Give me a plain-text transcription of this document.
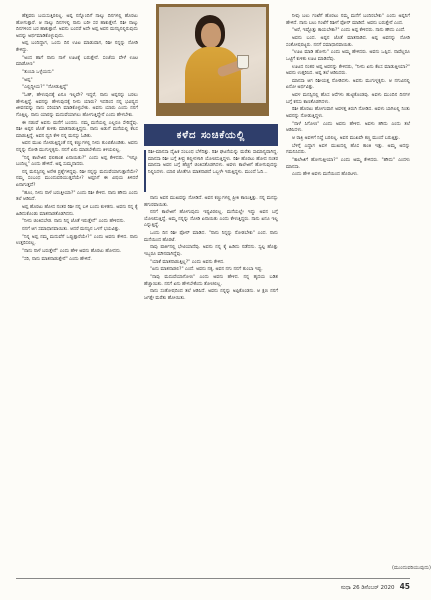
ಹೆತ್ತವರು ಬಯಸುತ್ತಿರಲಿಲ್ಲ. ಅಪ್ಪ ನನ್ನೊಂದಿಗೆ ನಾಲ್ಕು ದಿನಗಳಲ್ಲಿ ಹೊರಟು ಹೋಗುತ್ತಾರೆ. ಆ ನಾಲ್ಕು ದಿನಗಳಲ್ಲಿ ನಾನು ಬರೀ ಸರ ಹಾಕುತ್ತೇನೆ. ರಿಶೀ ನಾಲ್ಕು ದಿನಗಳಿಂದ ಬರ ಹಾಕುತ್ತಾನೆ. ಅವನು ಬಂದರೆ ಅದೇ ಅಪ್ಪ ಅವನ ಮನಸ್ಸಿನಲ್ಲಿರುವುದು ಅದನ್ನು ಅರ್ಥಮಾಡಿಕೊಳ್ಳುವುದು.

ಅಪ್ಪ ಬಂದಿದ್ದಾಗ, ಒಂದು ದಿನ ಊಟ ಮಾಡುವಾಗ, ರಿಶೀ ನನ್ನನ್ನು ನೋಡಿ ಕೇಳಿದ್ದು.

"ಅಂದ ಹಾಗೆ ನಾನು ನಾಳೆ ಊಟಕ್ಕೆ ಬರುತ್ತೇನೆ. ಸಂಜೆಯ ವೇಳೆ ಊಟ ಮಾಡೋಣ"

"ತುಂಬಾ ಒಳ್ಳೆಯದು"

"ಅಪ್ಪ"

"ಎಲ್ಲಿದ್ದೀಯ?" "ನೋಡುತ್ತಿದ್ದೆ"

"ಓಹ್, ಹೇಳುವುದಕ್ಕೆ ಏನೂ ಇಲ್ಲವೇ? ಇದ್ದರೆ, ನಾನು ಅಪ್ಪನನ್ನು ಬರಲು ಹೇಳುತ್ತಿದ್ದೆ. ಅವನನ್ನು ಹೇಳುವುದಕ್ಕೆ ನೀನು ಯಾರು? ಇದರಿಂದ ನನ್ನ ಭವಿಷ್ಯದ ಜೀವನವನ್ನು ನಾನು ಸರಿಯಾಗಿ ಮಾಡಿಕೊಳ್ಳಬೇಕು. ಅವನು ಯಾರು ಎಂದು ನನಗೆ ಗೊತ್ತಿಲ್ಲ. ನಾನು ಯಾರನ್ನು ಮದುವೆಯಾಗಲು ಹೋಗುತ್ತಿದ್ದೇನೆ ಎಂದು ಹೇಳಬೇಕು.

ಈ ನಡುವೆ ಅವನು ಮನೆಗೆ ಬಂದನು. ನಮ್ಮ ಮನೆಯಲ್ಲಿ ಎಲ್ಲರೂ ಸೇರಿದ್ದೆವು. ರಿಶೀ ಅಪ್ಪನ ಜೊತೆ ಕುಳಿತು ಮಾತನಾಡುತ್ತಿದ್ದನು. ನಾನು ಅಡುಗೆ ಮನೆಯಲ್ಲಿ ಕೆಲಸ ಮಾಡುತ್ತಿದ್ದೆ. ಅವನ ಧ್ವನಿ ಕೇಳಿ ನನ್ನ ಮನಸ್ಸು ಓಡಿತು.

ಅವನ ಮುಖ ನೋಡುತ್ತಿದ್ದಂತೆ ನನ್ನ ಕಣ್ಣುಗಳಲ್ಲಿ ನೀರು ತುಂಬಿಕೊಂಡಿತು. ಅವನು ನನ್ನನ್ನು ನೋಡಿ ಮುಗುಳ್ನಕ್ಕನು. ನನಗೆ ಏನು ಮಾಡಬೇಕೆಂದು ತಿಳಿಯಲಿಲ್ಲ.

"ನಿನ್ನ ಕಾಲೇಜಿನ ಫಲಿತಾಂಶ ಏನಾಯಿತು?" ಎಂದು ಅಪ್ಪ ಕೇಳಿದರು. "ಇನ್ನೂ ಬಂದಿಲ್ಲ" ಎಂದು ಹೇಳಿದೆ. ಅಪ್ಪ ಸುಮ್ಮನಾದರು.

ನನ್ನ ಮನಸ್ಸಿನಲ್ಲಿ ಅನೇಕ ಪ್ರಶ್ನೆಗಳಿದ್ದವು. ರಿಶೀ ನನ್ನನ್ನು ಮದುವೆಯಾಗುತ್ತಾನೆಯೇ? ನಮ್ಮ ಸಂಬಂಧ ಮುಂದುವರಿಯುತ್ತದೆಯೇ? ಅಪ್ಪನಿಗೆ ಈ ವಿಷಯ ತಿಳಿದರೆ ಏನಾಗುತ್ತದೆ?

"ಹೂಂ, ನೀನು ನಾಳೆ ಬರುತ್ತೀಯಾ?" ಎಂದು ರಿಶೀ ಕೇಳಿದ. ನಾನು ಹೌದು ಎಂದು ತಲೆ ಆಡಿಸಿದೆ.

ಅಪ್ಪ ಹೊರಟು ಹೋದ ನಂತರ ರಿಶೀ ನನ್ನ ಬಳಿ ಬಂದು ಕುಳಿತನು. ಅವನು ನನ್ನ ಕೈ ಹಿಡಿದುಕೊಂಡು ಮಾತನಾಡತೊಡಗಿದನು.

"ನೀನು ಚಿಂತಿಸಬೇಡ. ನಾನು ನಿನ್ನ ಜೊತೆ ಇರುತ್ತೇನೆ" ಎಂದು ಹೇಳಿದನು.

ನನಗೆ ಆಗ ಸಮಾಧಾನವಾಯಿತು. ಆದರೆ ಮನಸ್ಸಿನ ಒಳಗೆ ಭಯವಿತ್ತು.

"ನಿನ್ನ ಅಪ್ಪ ನಮ್ಮ ಮದುವೆಗೆ ಒಪ್ಪುತ್ತಾರೆಯೇ?" ಎಂದು ಅವನು ಕೇಳಿದ. ನಾನು ಉತ್ತರಿಸಲಿಲ್ಲ.

"ನಾನು ನಾಳೆ ಬರುತ್ತೇನೆ" ಎಂದು ಹೇಳಿ ಅವನು ಹೊರಟು ಹೋದನು.

"ಸರಿ, ನಾನು ಮಾತನಾಡುತ್ತೇನೆ" ಎಂದು ಹೇಳಿದೆ.

ಕಳೆದ ಸಂಚಿಕೆಯಲ್ಲಿ

ರಿಶೀ-ಮಾನಸಾ ದೈಹಿಕ ಸಂಬಂಧ ಬೆಳೆದಿತ್ತು. ರಿಶೀ ಘಟನೆಯನ್ನು ಮರೆತು ಸಾಮಾನ್ಯವಾಗಿದ್ದ. ಮಾನಸಾ ರಿಶೀ ಬಗ್ಗೆ ತೀವ್ರ ತಲ್ಲೀನಳಾಗಿ ಯೋಚಿಸುತ್ತಿದ್ದಳು. ರಿಶೀ ಹೊರಟು ಹೋದ ನಂತರ ಮಾನಸಾ ಅವನ ಬಗ್ಗೆ ಹೆಚ್ಚಿಗೆ ಚಿಂತಿಸತೊಡಗಿದಳು. ಅವಳು ಕಾಲೇಜಿಗೆ ಹೋಗುವುದನ್ನು ನಿಲ್ಲಿಸಿದಳು. ಯಾರ ಜೊತೆಗೂ ಮಾತನಾಡದೆ ಒಬ್ಬಳೇ ಇರುತ್ತಿದ್ದಳು. ಮುಂದೆ ಓದಿ...

ನಾನು ಅವನ ಮುಖವನ್ನು ನೋಡಿದೆ. ಅವನ ಕಣ್ಣುಗಳಲ್ಲಿ ಪ್ರೀತಿ ಕಾಣುತ್ತಿತ್ತು. ನನ್ನ ಮನಸ್ಸು ಹಗುರವಾಯಿತು.

ನನಗೆ ಕಾಲೇಜಿಗೆ ಹೋಗುವುದು ಇಷ್ಟವಿರಲಿಲ್ಲ. ಮನೆಯಲ್ಲೇ ಇದ್ದು ಅವನ ಬಗ್ಗೆ ಯೋಚಿಸುತ್ತಿದ್ದೆ. ಅಮ್ಮ ನನ್ನನ್ನು ನೋಡಿ ಏನಾಯಿತು ಎಂದು ಕೇಳುತ್ತಿದ್ದರು. ನಾನು ಏನೂ ಇಲ್ಲ ಎನ್ನುತ್ತಿದ್ದೆ.

ಒಂದು ದಿನ ರಿಶೀ ಫೋನ್ ಮಾಡಿದ. "ನಾನು ನಿನ್ನನ್ನು ನೋಡಬೇಕು" ಎಂದ. ನಾನು ಮನೆಯಿಂದ ಹೊರಟೆ.

ನಾವು ಪಾರ್ಕಿನಲ್ಲಿ ಭೇಟಿಯಾದೆವು. ಅವನು ನನ್ನ ಕೈ ಹಿಡಿದು ನಡೆದನು. ಸ್ವಲ್ಪ ಹೊತ್ತು ಇಬ್ಬರೂ ಮೌನವಾಗಿದ್ದೆವು.

"ಯಾಕೆ ಮಾತನಾಡುತ್ತಿಲ್ಲ?" ಎಂದು ಅವನು ಕೇಳಿದ.

"ಏನು ಮಾತನಾಡಲಿ?" ಎಂದೆ. ಅವನು ನಕ್ಕ. ಅವನ ನಗು ನನಗೆ ತುಂಬಾ ಇಷ್ಟ.

"ನಾವು ಮದುವೆಯಾಗೋಣ" ಎಂದು ಅವನು ಹೇಳಿದ. ನನ್ನ ಹೃದಯ ಬಡಿತ ಹೆಚ್ಚಾಯಿತು. ನನಗೆ ಏನು ಹೇಳಬೇಕೆಂದು ತೋಚಲಿಲ್ಲ.

ನಾನು ಸಂತೋಷದಿಂದ ತಲೆ ಆಡಿಸಿದೆ. ಅವನು ನನ್ನನ್ನು ಅಪ್ಪಿಕೊಂಡನು. ಆ ಕ್ಷಣ ನನಗೆ ಜಗತ್ತೇ ಮರೆತು ಹೋಯಿತು.

ನೀವು ಬಲು ಗಂಟೆಗೆ ಹೊರಟು ನಮ್ಮ ಮನೆಗೆ ಬಂದಿರಬೇಕು" ಎಂದು ಅಪ್ಪನಿಗೆ ಹೇಳಿದೆ. ನಾನು ಬಲು ಗಂಟೆಗೆ ರಿಶೀಗೆ ಫೋನ್ ಮಾಡಿದೆ. ಅವನು ಬರುತ್ತೇನೆ ಎಂದ.

"ಅರೆ, ಇಷ್ಟೊತ್ತು ಕಾಯಬೇಕಾ?" ಎಂದು ಅಪ್ಪ ಕೇಳಿದರು. ನಾನು ಹೌದು ಎಂದೆ.

ಅವನು ಬಂದ. ಅಪ್ಪನ ಜೊತೆ ಮಾತನಾಡಿದ. ಅಪ್ಪ ಅವನನ್ನು ನೋಡಿ ಸಂತೋಷಪಟ್ಟರು. ನನಗೆ ಸಮಾಧಾನವಾಯಿತು.

"ಊಟ ಮಾಡಿ ಹೋಗು" ಎಂದು ಅಮ್ಮ ಹೇಳಿದರು. ಅವನು ಒಪ್ಪಿದ. ನಾವೆಲ್ಲರೂ ಒಟ್ಟಿಗೆ ಕುಳಿತು ಊಟ ಮಾಡಿದೆವು.

ಊಟದ ನಂತರ ಅಪ್ಪ ಅವನನ್ನು ಕೇಳಿದರು, "ನೀನು ಏನು ಕೆಲಸ ಮಾಡುತ್ತೀಯಾ?" ಅವನು ಉತ್ತರಿಸಿದ. ಅಪ್ಪ ತಲೆ ಆಡಿಸಿದರು.

ಮಾನಸಾ ಆಗ ರಿಶೀಯತ್ತ ನೋಡಿದಳು. ಅವನು ಮುಗುಳ್ನಕ್ಕನು. ಆ ನಗುವಿನಲ್ಲಿ ಏನೋ ಅರ್ಥವಿತ್ತು.

ಅವಳ ಮನಸ್ಸಿನಲ್ಲಿ ಹೊಸ ಆಸೆಗಳು ಹುಟ್ಟಿಕೊಂಡವು. ಅವಳು ಮುಂದಿನ ದಿನಗಳ ಬಗ್ಗೆ ಕನಸು ಕಾಣತೊಡಗಿದಳು.

ರಿಶೀ ಹೊರಟು ಹೋಗುವಾಗ ಅವಳತ್ತ ತಿರುಗಿ ನೋಡಿದ. ಅವಳು ಬಾಗಿಲಲ್ಲಿ ನಿಂತು ಅವನನ್ನು ನೋಡುತ್ತಿದ್ದಳು.

"ನಾಳೆ ಸಿಗೋಣ" ಎಂದು ಅವನು ಹೇಳಿದ. ಅವಳು ಹೌದು ಎಂದು ತಲೆ ಆಡಿಸಿದಳು.

ಆ ರಾತ್ರಿ ಅವಳಿಗೆ ನಿದ್ದೆ ಬರಲಿಲ್ಲ. ಅವನ ಮುಖವೇ ಕಣ್ಣ ಮುಂದೆ ಬರುತ್ತಿತ್ತು.

ಬೆಳಿಗ್ಗೆ ಎದ್ದಾಗ ಅವಳ ಮುಖದಲ್ಲಿ ಹೊಸ ಕಾಂತಿ ಇತ್ತು. ಅಮ್ಮ ಅದನ್ನು ಗಮನಿಸಿದರು.

"ಕಾಲೇಜಿಗೆ ಹೋಗುತ್ತೀಯಾ?" ಎಂದು ಅಮ್ಮ ಕೇಳಿದರು. "ಹೌದು" ಎಂದಳು ಮಾನಸಾ.

ಎಂದು ಹೇಳಿ ಅವಳು ಮನೆಯಿಂದ ಹೊರಟಳು.

(ಮುಂದುವರಿಯುವುದು)
ಸುಧಾ 26 ಡಿಸೆಂಬರ್ 2020 45
